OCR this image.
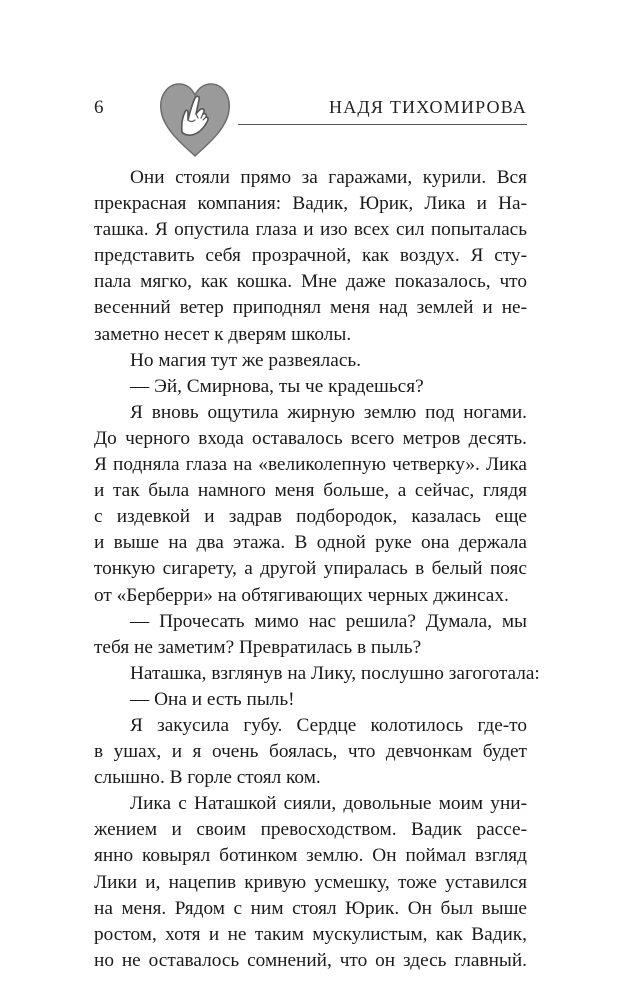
6	НАДЯ ТИХОМИРОВА
Они стояли прямо за гаражами, курили. Вся
прекрасная компания: Вадик, Юрик, Лика и На-
ташка. Я опустила глаза и изо всех сил попыталась
представить себя прозрачной, как воздух. Я сту-
пала мягко, как кошка. Мне даже показалось, что
весенний ветер приподнял меня над землей и не-
заметно несет к дверям школы.
Но магия тут же развеялась.
— Эй, Смирнова, ты че крадешься?
Я вновь ощутила жирную землю под ногами.
До черного входа оставалось всего метров десять.
Я подняла глаза на «великолепную четверку». Лика
и так была намного меня больше, а сейчас, глядя
с издевкой и задрав подбородок, казалась еще
и выше на два этажа. В одной руке она держала
тонкую сигарету, а другой упиралась в белый пояс
от «Берберри» на обтягивающих черных джинсах.
— Прочесать мимо нас решила? Думала, мы
тебя не заметим? Превратилась в пыль?
Наташка, взглянув на Лику, послушно загоготала:
— Она и есть пыль!
Я закусила губу. Сердце колотилось где-то
в ушах, и я очень боялась, что девчонкам будет
слышно. В горле стоял ком.
Лика с Наташкой сияли, довольные моим уни-
жением и своим превосходством. Вадик рассе-
янно ковырял ботинком землю. Он поймал взгляд
Лики и, нацепив кривую усмешку, тоже уставился
на меня. Рядом с ним стоял Юрик. Он был выше
ростом, хотя и не таким мускулистым, как Вадик,
но не оставалось сомнений, что он здесь главный.
